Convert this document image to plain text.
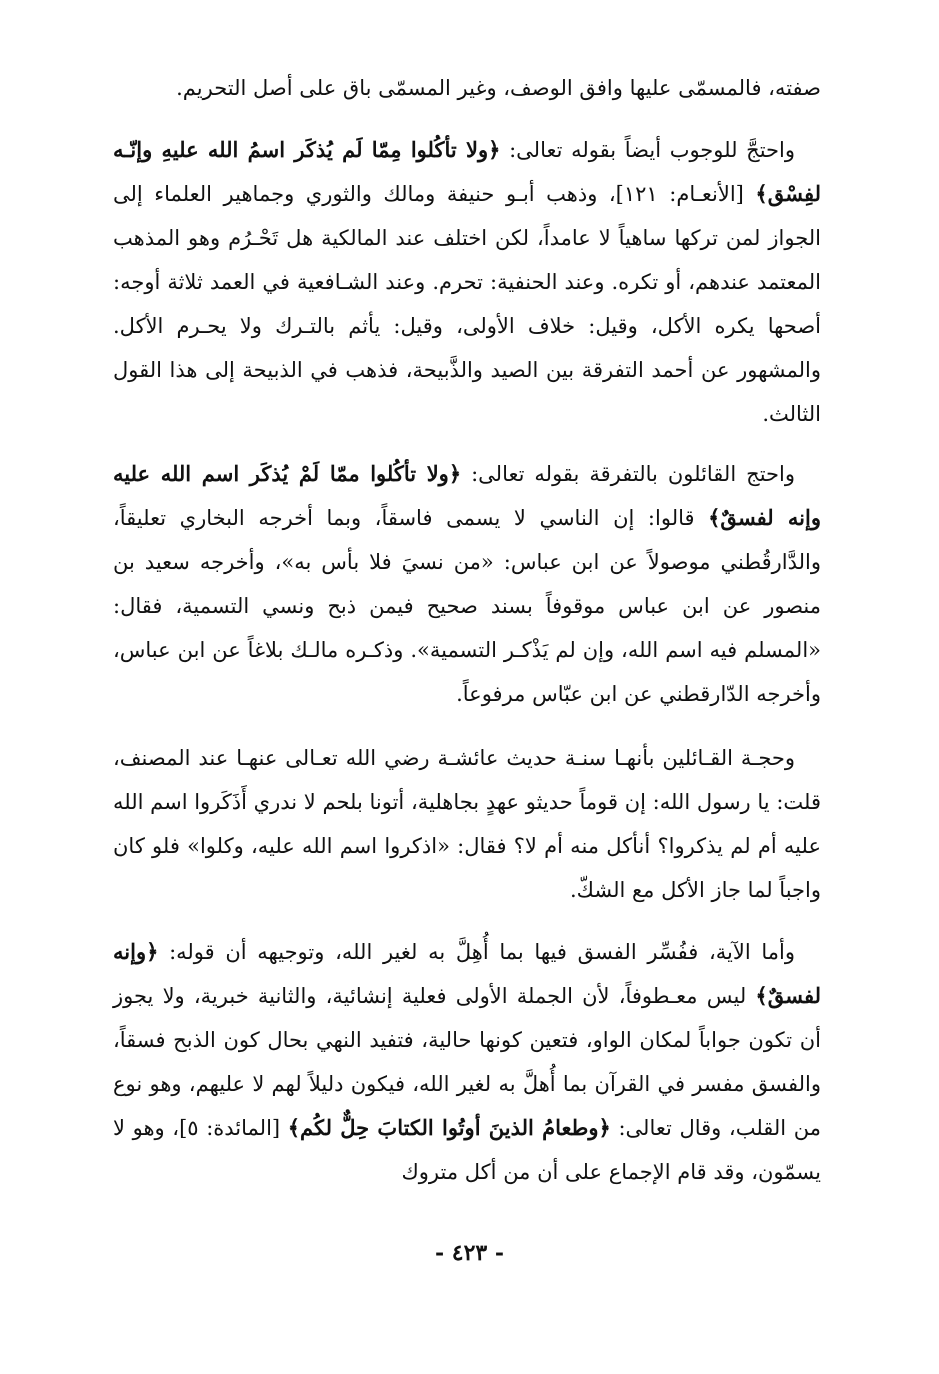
صفته، فالمسمّى عليها وافق الوصف، وغير المسمّى باق على أصل التحريم.
واحتجَّ للوجوب أيضاً بقوله تعالى: ﴿ولا تأكُلوا مِمّا لَم يُذكَر اسمُ الله عليهِ وإنّـه لفِسْق﴾ [الأنعـام: ١٢١]، وذهب أبـو حنيفة ومالك والثوري وجماهير العلماء إلى الجواز لمن تركها ساهياً لا عامداً، لكن اختلف عند المالكية هل تَحْـرُم وهو المذهب المعتمد عندهم، أو تكره. وعند الحنفية: تحرم. وعند الشـافعية في العمد ثلاثة أوجه: أصحها يكره الأكل، وقيل: خلاف الأولى، وقيل: يأثم بالتـرك ولا يحـرم الأكل. والمشهور عن أحمد التفرقة بين الصيد والذَّبيحة، فذهب في الذبيحة إلى هذا القول الثالث.
واحتج القائلون بالتفرقة بقوله تعالى: ﴿ولا تأكُلوا ممّا لَمْ يُذكَر اسم الله عليه وإنه لفسقٌ﴾ قالوا: إن الناسي لا يسمى فاسقاً، وبما أخرجه البخاري تعليقاً، والدَّارقُطني موصولاً عن ابن عباس: «من نسيَ فلا بأس به»، وأخرجه سعيد بن منصور عن ابن عباس موقوفاً بسند صحيح فيمن ذبح ونسي التسمية، فقال: «المسلم فيه اسم الله، وإن لم يَذْكـر التسمية». وذكـره مالـك بلاغاً عن ابن عباس، وأخرجه الدّارقطني عن ابن عبّاس مرفوعاً.
وحجـة القـائلين بأنهـا سنـة حديث عائشـة رضي الله تعـالى عنهـا عند المصنف، قلت: يا رسول الله: إن قوماً حديثو عهدٍ بجاهلية، أتونا بلحم لا ندري أَذَكَروا اسم الله عليه أم لم يذكروا؟ أنأكل منه أم لا؟ فقال: «اذكروا اسم الله عليه، وكلوا» فلو كان واجباً لما جاز الأكل مع الشكّ.
وأما الآية، ففُسِّر الفسق فيها بما أُهِلَّ به لغير الله، وتوجيهه أن قوله: ﴿وإنه لفسقٌ﴾ ليس معـطوفاً، لأن الجملة الأولى فعلية إنشائية، والثانية خبرية، ولا يجوز أن تكون جواباً لمكان الواو، فتعين كونها حالية، فتفيد النهي بحال كون الذبح فسقاً، والفسق مفسر في القرآن بما أُهلَّ به لغير الله، فيكون دليلاً لهم لا عليهم، وهو نوع من القلب، وقال تعالى: ﴿وطعامُ الذينَ أوتُوا الكتابَ حِلٌّ لكُم﴾ [المائدة: ٥]، وهو لا يسمّون، وقد قام الإجماع على أن من أكل متروك
- ٤٢٣ -
